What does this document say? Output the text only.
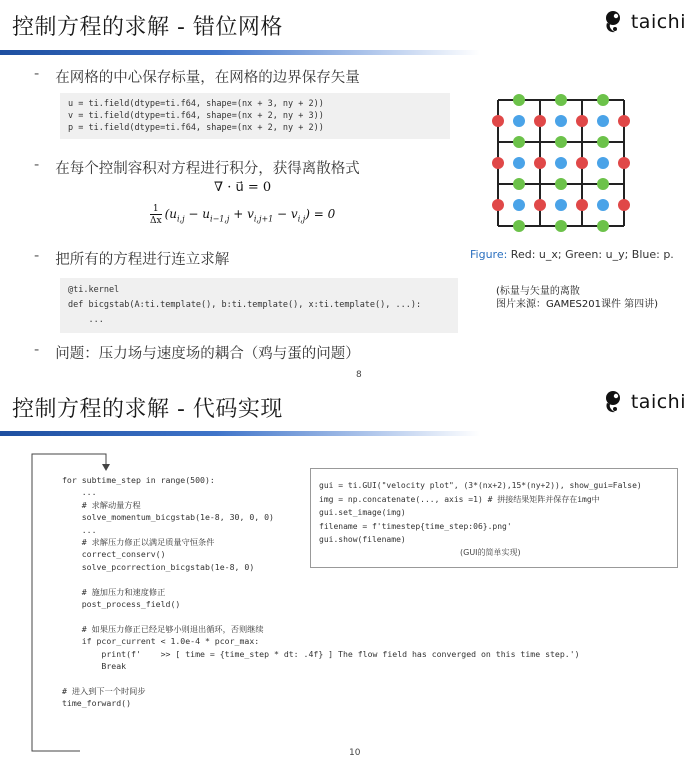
控制方程的求解 - 错位网格	taichi
- 在网格的中心保存标量，在网格的边界保存矢量
u = ti.field(dtype=ti.f64, shape=(nx + 3, ny + 2))
v = ti.field(dtype=ti.f64, shape=(nx + 2, ny + 3))
p = ti.field(dtype=ti.f64, shape=(nx + 2, ny + 2))
- 在每个控制容积对方程进行积分，获得离散格式
∇ · u⃗ = 0
1
Δx
$(u_{i,j} - u_{i-1,j} + v_{i,j+1} - v_{i,j}) = 0$
- 把所有的方程进行连立求解
@ti.kernel
def bicgstab(A:ti.template(), b:ti.template(), x:ti.template(), ...):
...
- 问题：压力场与速度场的耦合（鸡与蛋的问题）
Figure: Red: u_x; Green: u_y; Blue: p.
(标量与矢量的离散
图片来源：GAMES201课件 第四讲)
8
控制方程的求解 - 代码实现	taichi
for subtime_step in range(500):
...
# 求解动量方程
solve_momentum_bicgstab(1e-8, 30, 0, 0)
...
# 求解压力修正以满足质量守恒条件
correct_conserv()
solve_pcorrection_bicgstab(1e-8, 0)

# 施加压力和速度修正
post_process_field()

# 如果压力修正已经足够小则退出循环，否则继续
if pcor_current < 1.0e-4 * pcor_max:
print(f'    >> [ time = {time_step * dt: .4f} ] The flow field has converged on this time step.')
Break

# 进入到下一个时间步
time_forward()
gui = ti.GUI("velocity plot", (3*(nx+2),15*(ny+2)), show_gui=False)
img = np.concatenate(..., axis =1) # 拼接结果矩阵并保存在img中
gui.set_image(img)
filename = f'timestep{time_step:06}.png'
gui.show(filename)
(GUI的简单实现)
10
